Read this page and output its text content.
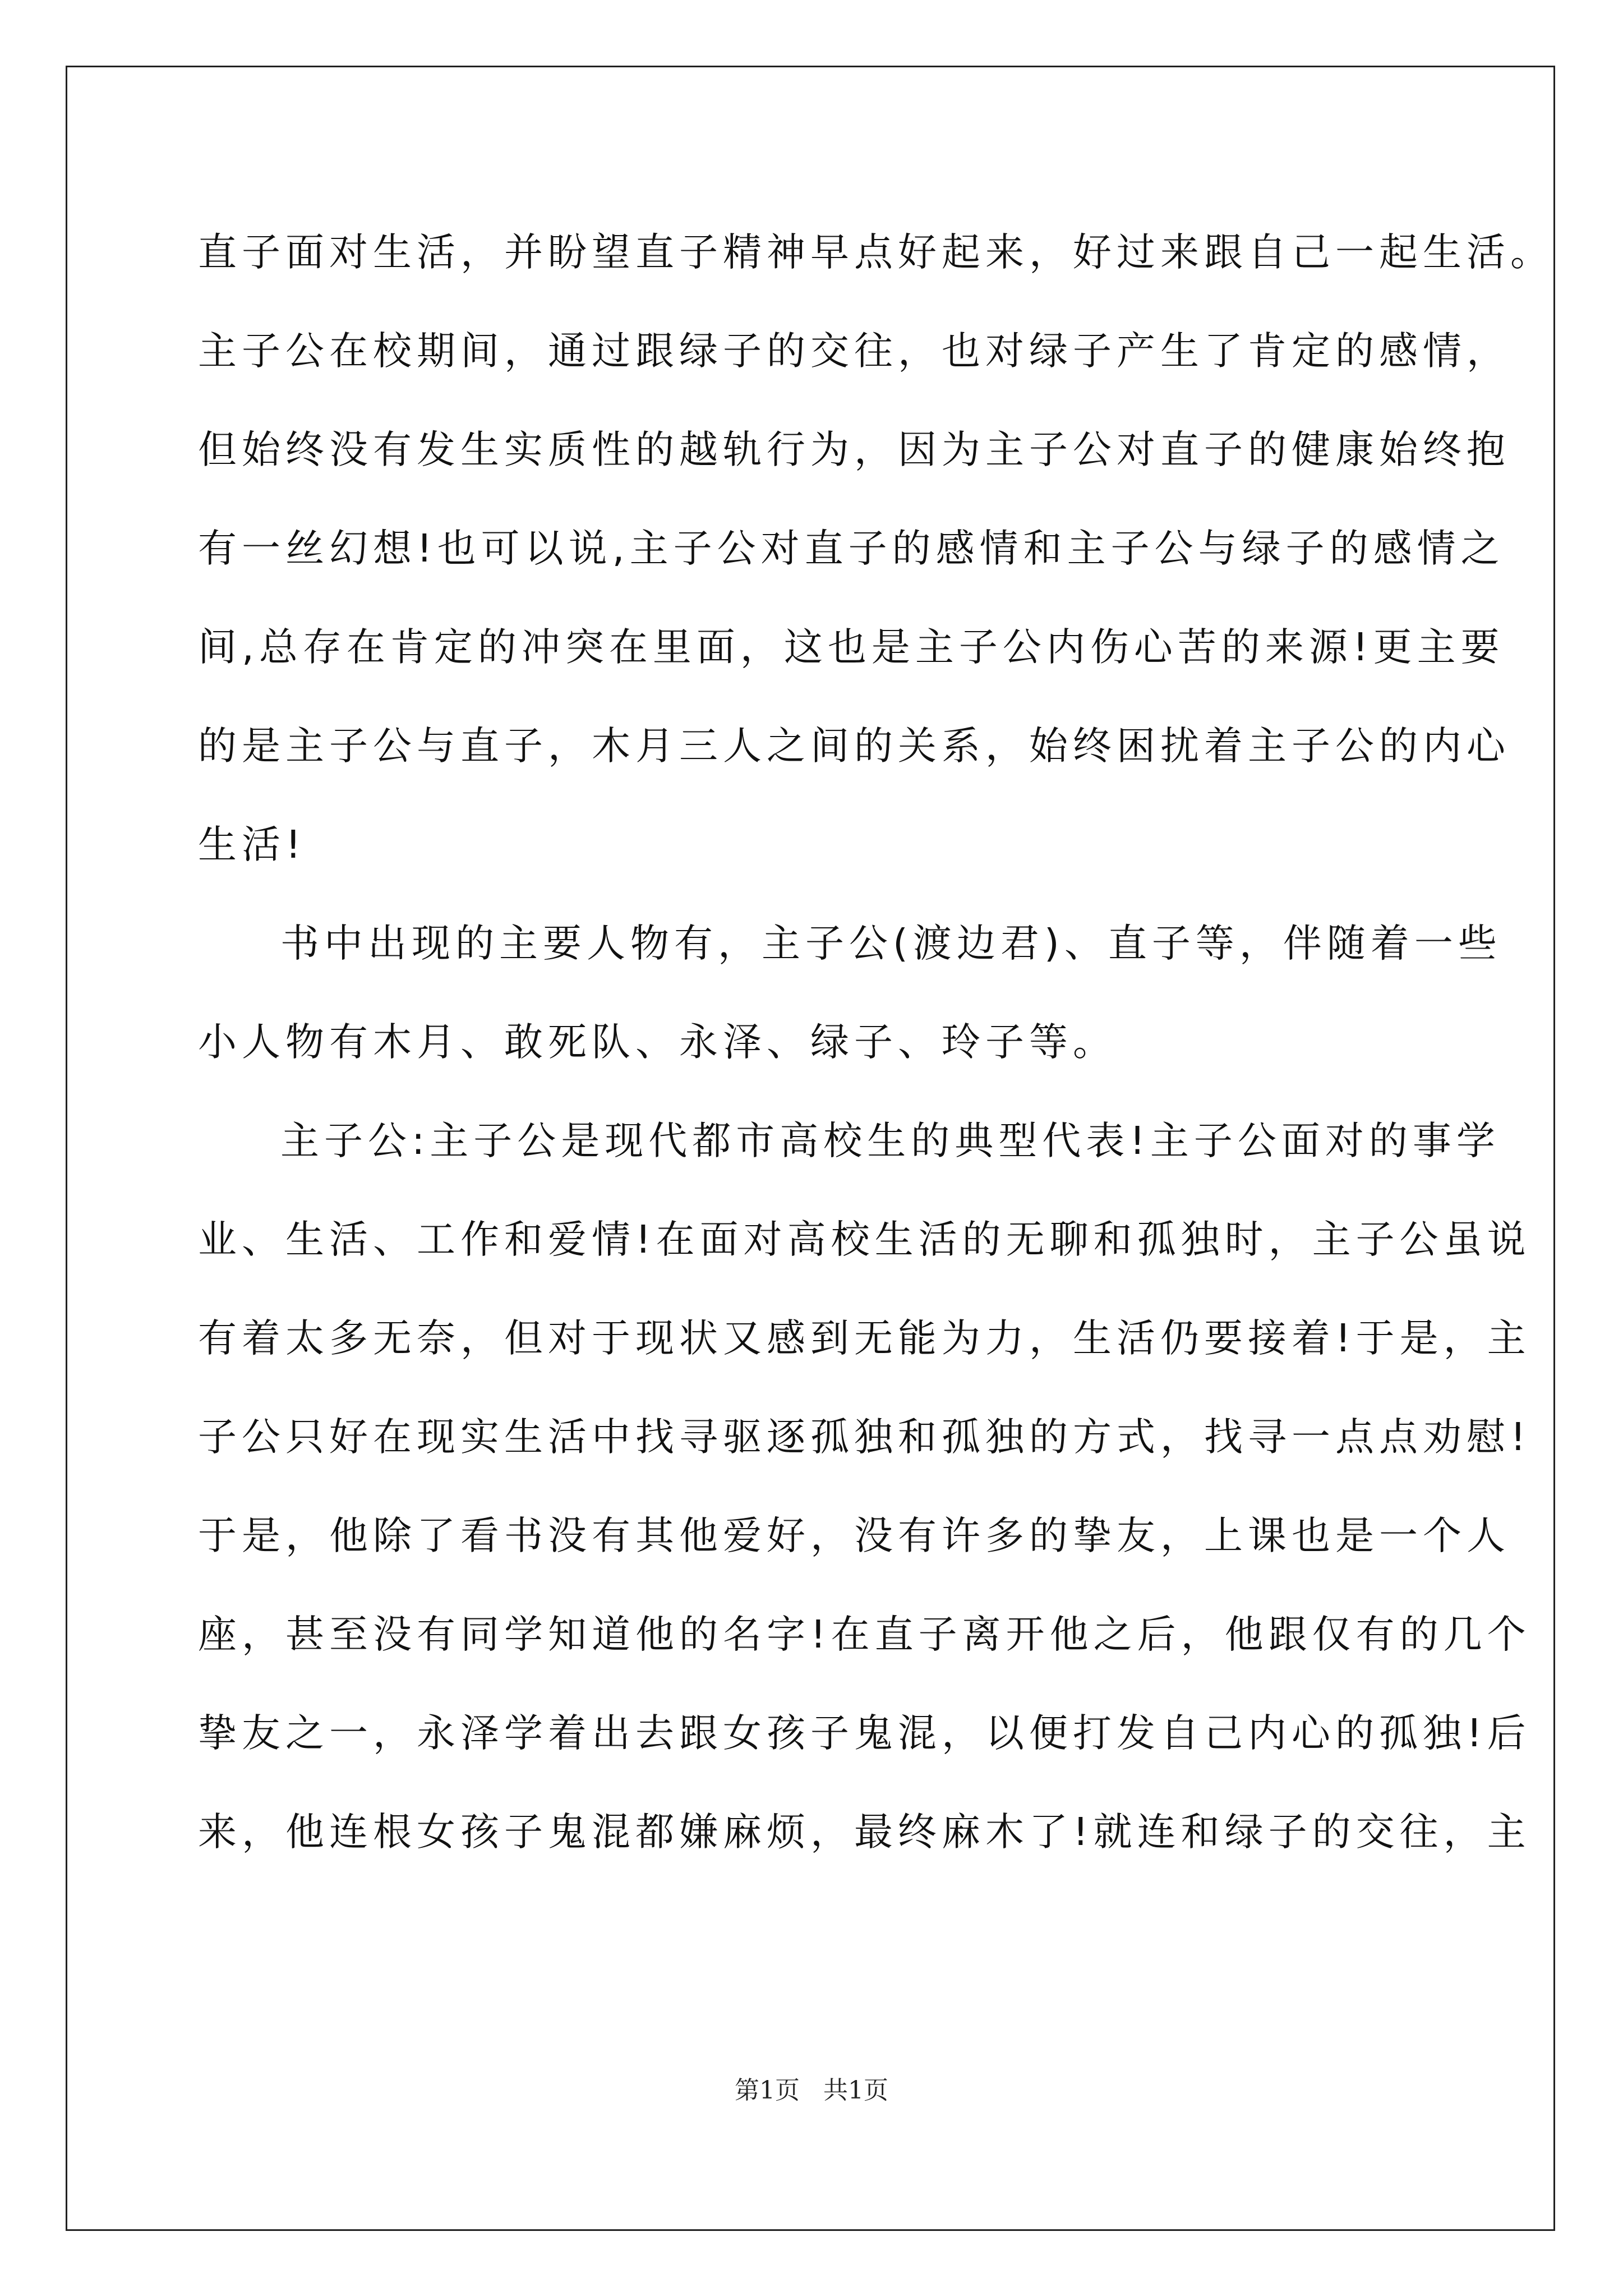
直子面对生活，并盼望直子精神早点好起来，好过来跟自己一起生活。
主子公在校期间，通过跟绿子的交往，也对绿子产生了肯定的感情，
但始终没有发生实质性的越轨行为，因为主子公对直子的健康始终抱
有一丝幻想!也可以说,主子公对直子的感情和主子公与绿子的感情之
间,总存在肯定的冲突在里面，这也是主子公内伤心苦的来源!更主要
的是主子公与直子，木月三人之间的关系，始终困扰着主子公的内心
生活!
书中出现的主要人物有，主子公(渡边君)、直子等，伴随着一些
小人物有木月、敢死队、永泽、绿子、玲子等。
主子公:主子公是现代都市高校生的典型代表!主子公面对的事学
业、生活、工作和爱情!在面对高校生活的无聊和孤独时，主子公虽说
有着太多无奈，但对于现状又感到无能为力，生活仍要接着!于是，主
子公只好在现实生活中找寻驱逐孤独和孤独的方式，找寻一点点劝慰!
于是，他除了看书没有其他爱好，没有许多的挚友，上课也是一个人
座，甚至没有同学知道他的名字!在直子离开他之后，他跟仅有的几个
挚友之一，永泽学着出去跟女孩子鬼混，以便打发自己内心的孤独!后
来，他连根女孩子鬼混都嫌麻烦，最终麻木了!就连和绿子的交往，主
第1页   共1页
